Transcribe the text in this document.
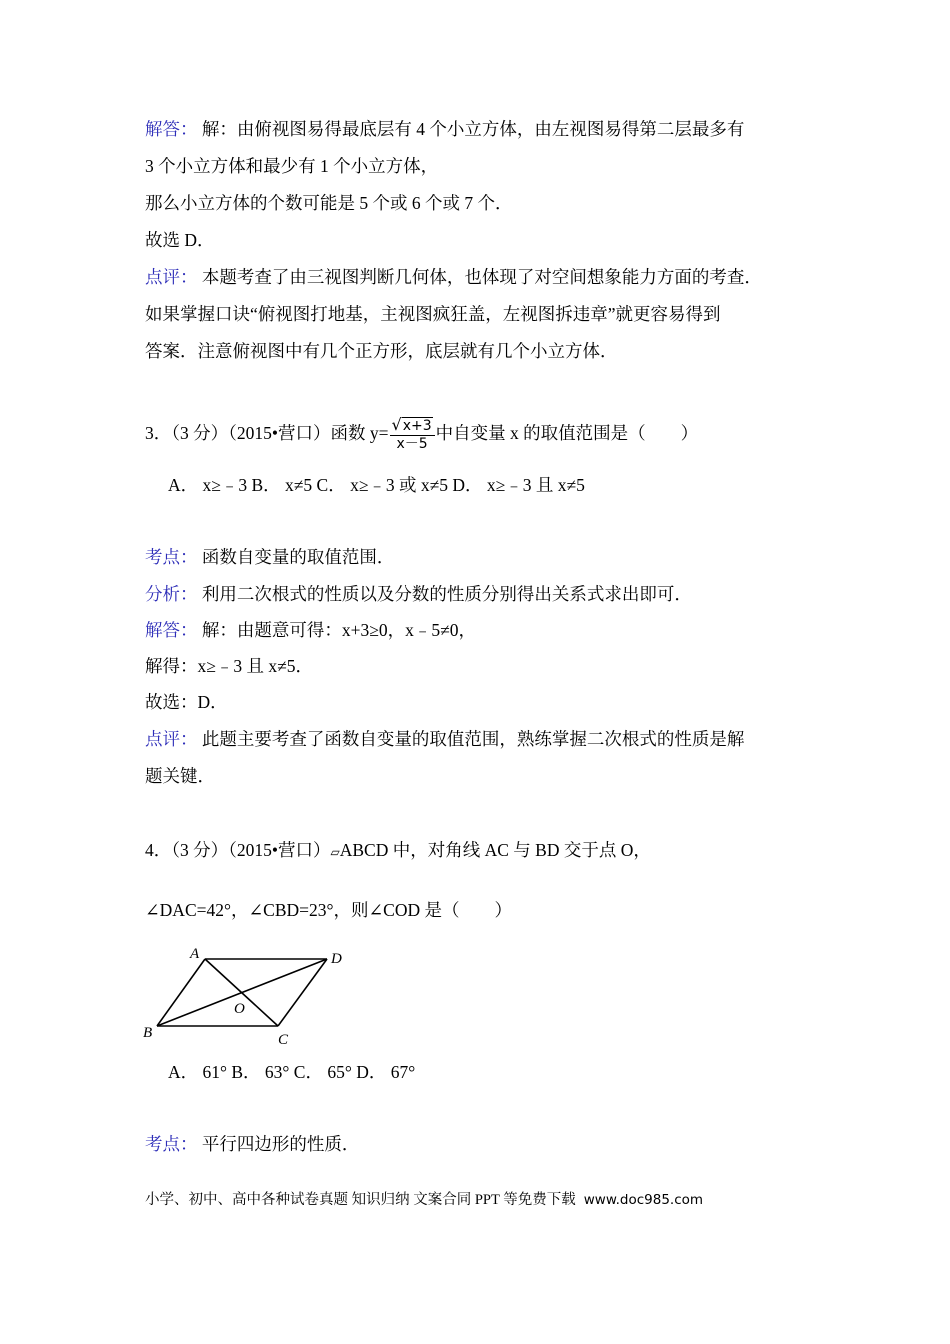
解答： 解：由俯视图易得最底层有 4 个小立方体，由左视图易得第二层最多有
3 个小立方体和最少有 1 个小立方体，
那么小立方体的个数可能是 5 个或 6 个或 7 个．
故选 D．
点评： 本题考查了由三视图判断几何体，也体现了对空间想象能力方面的考查．
如果掌握口诀“俯视图打地基，主视图疯狂盖，左视图拆违章”就更容易得到
答案．注意俯视图中有几个正方形，底层就有几个小立方体．
3．（3 分）（2015•营口）函数 $y= \frac{√x+3}{x-5}$ 中自变量 x 的取值范围是（　　）
A． x≥﹣3 B． x≠5 C． x≥﹣3 或 x≠5 D． x≥﹣3 且 x≠5
考点： 函数自变量的取值范围．
分析： 利用二次根式的性质以及分数的性质分别得出关系式求出即可．
解答： 解：由题意可得：x+3≥0，x﹣5≠0，
解得：x≥﹣3 且 x≠5．
故选：D．
点评： 此题主要考查了函数自变量的取值范围，熟练掌握二次根式的性质是解
题关键．
4．（3 分）（2015•营口）▱ABCD 中，对角线 AC 与 BD 交于点 O，
∠DAC=42°，∠CBD=23°，则∠COD 是（　　）
A	D
B	C
O
A． 61° B． 63° C． 65° D． 67°
考点： 平行四边形的性质．
小学、初中、高中各种试卷真题 知识归纳 文案合同 PPT 等免费下载 www.doc985.com
